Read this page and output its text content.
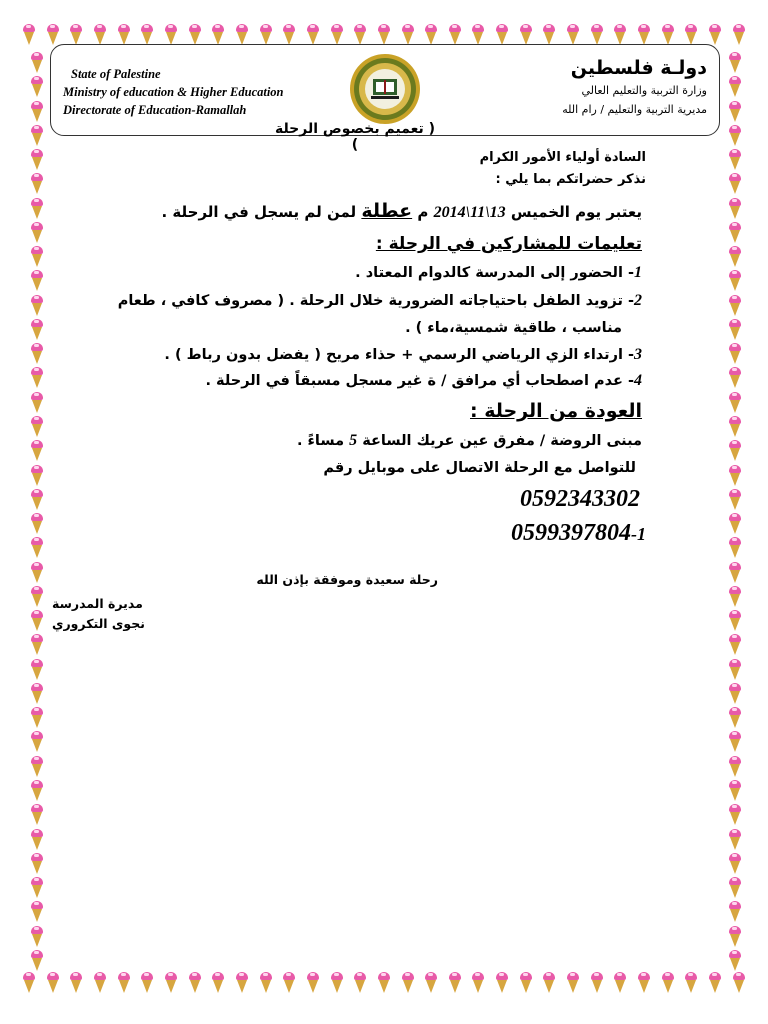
State of Palestine
Ministry of education & Higher Education
Directorate of Education-Ramallah
دولـة فلسطين
وزارة التربية والتعليم العالي
مديرية التربية والتعليم / رام الله
( تعميم بخصوص الرحلة )
السادة أولياء الأمور الكرام
نذكر حضراتكم بما يلي :
يعتبر يوم الخميس 13\11\2014 م عطلة لمن لم يسجل في الرحلة .
تعليمات للمشاركين في الرحلة :
1- الحضور إلى المدرسة كالدوام المعتاد .
2- تزويد الطفل باحتياجاته الضرورية خلال الرحلة . ( مصروف كافي ، طعام
مناسب ، طاقية شمسية،ماء ) .
3- ارتداء الزي الرياضي الرسمي + حذاء مريح ( يفضل بدون رباط ) .
4- عدم اصطحاب أي مرافق / ة غير مسجل مسبقاً في الرحلة .
العودة من الرحلة :
مبنى الروضة / مفرق عين عريك الساعة 5 مساءً .
للتواصل مع الرحلة الاتصال على موبايل رقم
0592343302
0599397804-1
رحلة سعيدة وموفقة بإذن الله
مديرة المدرسة
نجوى التكروري
